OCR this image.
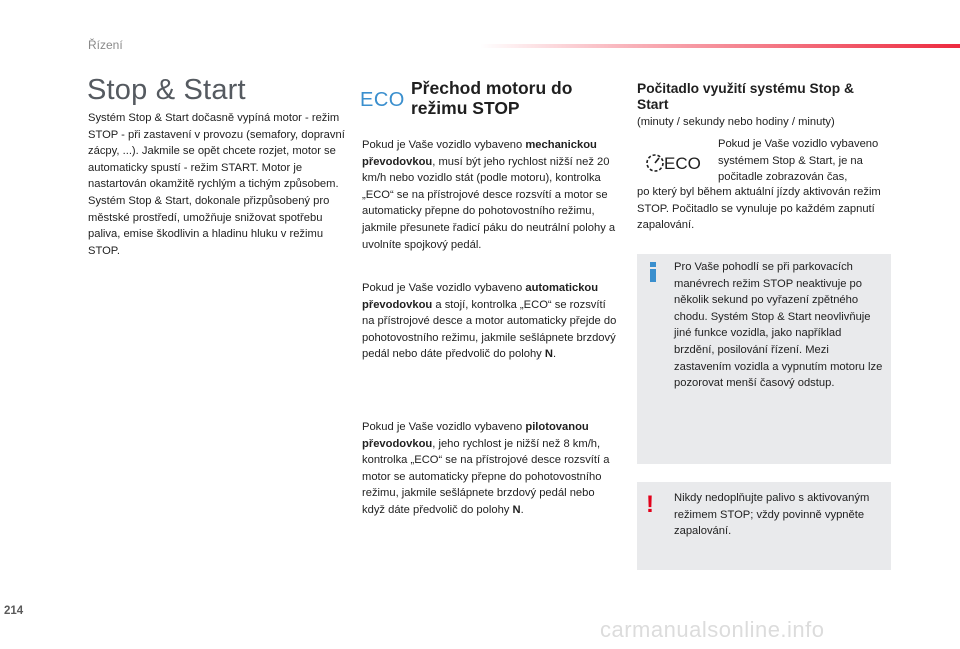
Řízení
Stop & Start
Systém Stop & Start dočasně vypíná motor - režim STOP - při zastavení v provozu (semafory, dopravní zácpy, ...). Jakmile se opět chcete rozjet, motor se automaticky spustí - režim START. Motor je nastartován okamžitě rychlým a tichým způsobem. Systém Stop & Start, dokonale přizpůsobený pro městské prostředí, umožňuje snižovat spotřebu paliva, emise škodlivin a hladinu hluku v režimu STOP.
ECO
Přechod motoru do režimu STOP
Pokud je Vaše vozidlo vybaveno mechanickou převodovkou, musí být jeho rychlost nižší než 20 km/h nebo vozidlo stát (podle motoru), kontrolka „ECO“ se na přístrojové desce rozsvítí a motor se automaticky přepne do pohotovostního režimu, jakmile přesunete řadicí páku do neutrální polohy a uvolníte spojkový pedál.
Pokud je Vaše vozidlo vybaveno automatickou převodovkou a stojí, kontrolka „ECO“ se rozsvítí na přístrojové desce a motor automaticky přejde do pohotovostního režimu, jakmile sešlápnete brzdový pedál nebo dáte předvolič do polohy N.
Pokud je Vaše vozidlo vybaveno pilotovanou převodovkou, jeho rychlost je nižší než 8 km/h, kontrolka „ECO“ se na přístrojové desce rozsvítí a motor se automaticky přepne do pohotovostního režimu, jakmile sešlápnete brzdový pedál nebo když dáte předvolič do polohy N.
Počitadlo využití systému Stop & Start
(minuty / sekundy nebo hodiny / minuty)
ECO
Pokud je Vaše vozidlo vybaveno systémem Stop & Start, je na počitadle zobrazován čas,
po který byl během aktuální jízdy aktivován režim STOP. Počitadlo se vynuluje po každém zapnutí zapalování.
Pro Vaše pohodlí se při parkovacích manévrech režim STOP neaktivuje po několik sekund po vyřazení zpětného chodu. Systém Stop & Start neovlivňuje jiné funkce vozidla, jako například brzdění, posilování řízení. Mezi zastavením vozidla a vypnutím motoru lze pozorovat menší časový odstup.
! Nikdy nedoplňujte palivo s aktivovaným režimem STOP; vždy povinně vypněte zapalování.
214
carmanualsonline.info
